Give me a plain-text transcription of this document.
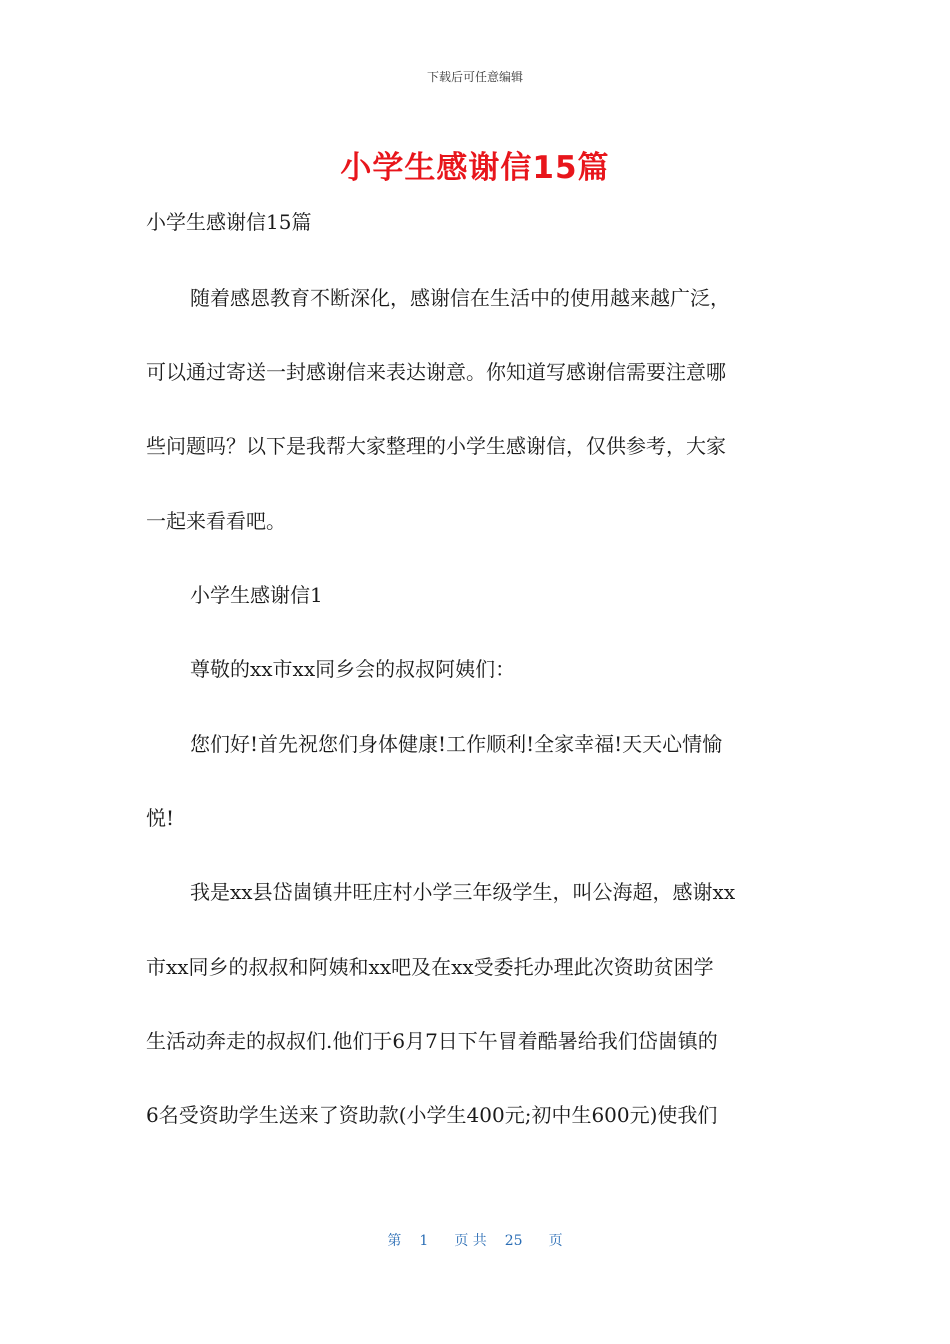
下载后可任意编辑
小学生感谢信15篇
小学生感谢信15篇
随着感恩教育不断深化，感谢信在生活中的使用越来越广泛，
可以通过寄送一封感谢信来表达谢意。你知道写感谢信需要注意哪
些问题吗？以下是我帮大家整理的小学生感谢信，仅供参考，大家
一起来看看吧。
小学生感谢信1
尊敬的xx市xx同乡会的叔叔阿姨们：
您们好!首先祝您们身体健康!工作顺利!全家幸福!天天心情愉
悦!
我是xx县岱崮镇井旺庄村小学三年级学生，叫公海超，感谢xx
市xx同乡的叔叔和阿姨和xx吧及在xx受委托办理此次资助贫困学
生活动奔走的叔叔们.他们于6月7日下午冒着酷暑给我们岱崮镇的
6名受资助学生送来了资助款(小学生400元;初中生600元)使我们
第 1 页 共 25 页
